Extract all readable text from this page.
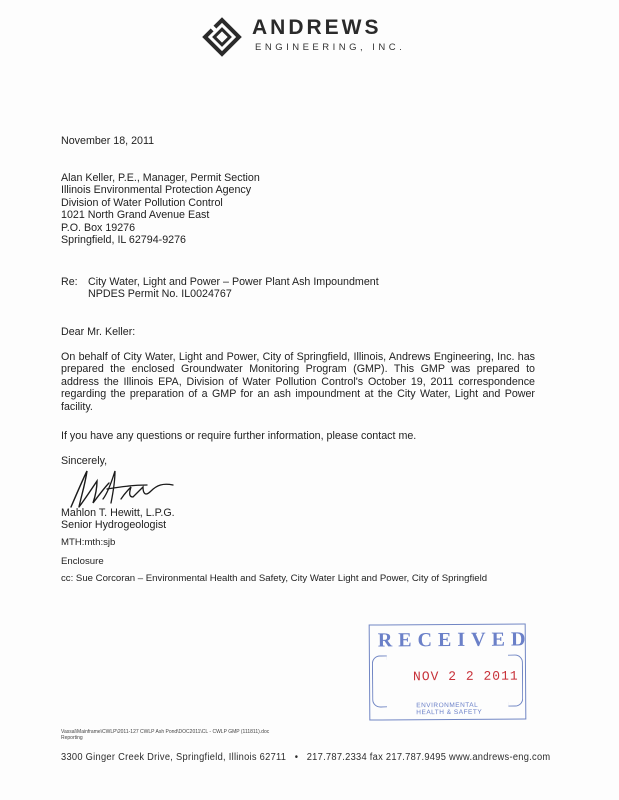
ANDREWS
ENGINEERING, INC.
November 18, 2011
Alan Keller, P.E., Manager, Permit Section
Illinois Environmental Protection Agency
Division of Water Pollution Control
1021 North Grand Avenue East
P.O. Box 19276
Springfield, IL 62794-9276
Re: City Water, Light and Power – Power Plant Ash Impoundment
NPDES Permit No. IL0024767
Dear Mr. Keller:
On behalf of City Water, Light and Power, City of Springfield, Illinois, Andrews Engineering, Inc. has prepared the enclosed Groundwater Monitoring Program (GMP). This GMP was prepared to address the Illinois EPA, Division of Water Pollution Control's October 19, 2011 correspondence regarding the preparation of a GMP for an ash impoundment at the City Water, Light and Power facility.
If you have any questions or require further information, please contact me.
Sincerely,
Mahlon T. Hewitt, L.P.G.
Senior Hydrogeologist
MTH:mth:sjb
Enclosure
cc: Sue Corcoran – Environmental Health and Safety, City Water Light and Power, City of Springfield
RECEIVED
NOV 2 2 2011
ENVIRONMENTAL
HEALTH & SAFETY
Vassal\Mainframe\CWLP\2011-127 CWLP Ash Pond\DOC2011\CL - CWLP GMP (111811).doc
Reporting
3300 Ginger Creek Drive, Springfield, Illinois 62711 • 217.787.2334 fax 217.787.9495 www.andrews-eng.com
